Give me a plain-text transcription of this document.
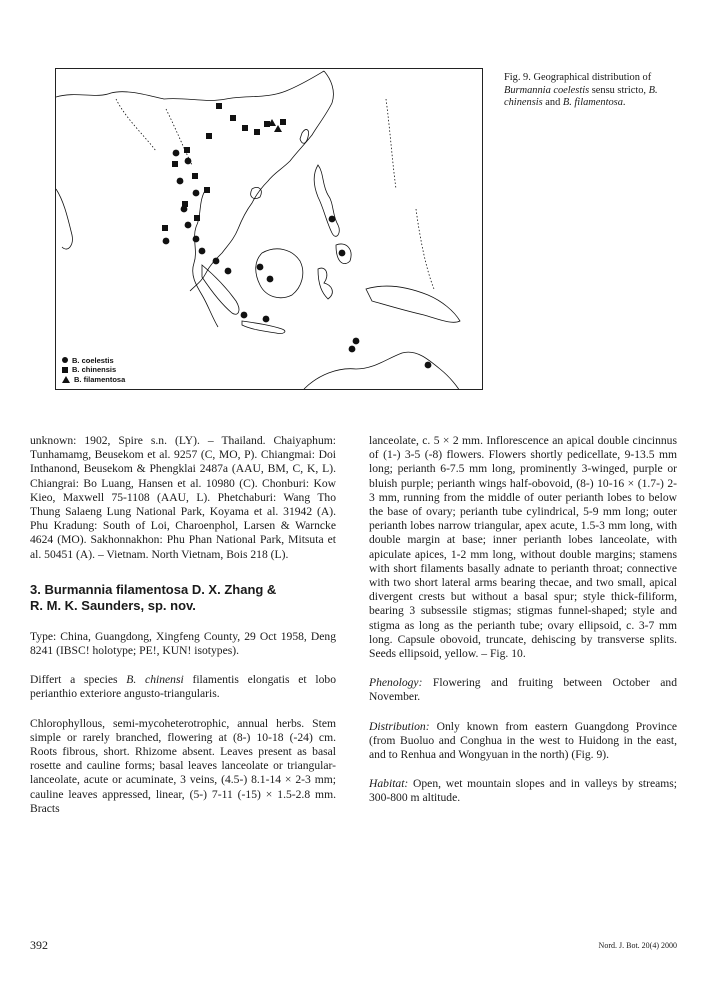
B. coelestis
B. chinensis
B. filamentosa
Fig. 9. Geographical distribution of Burmannia coelestis sensu stricto, B. chinensis and B. filamentosa.

unknown: 1902, Spire s.n. (LY). – Thailand. Chaiyaphum: Tunhamamg, Beusekom et al. 9257 (C, MO, P). Chiangmai: Doi Inthanond, Beusekom & Phengklai 2487a (AAU, BM, C, K, L). Chiangrai: Bo Luang, Hansen et al. 10980 (C). Chonburi: Kow Kieo, Maxwell 75-1108 (AAU, L). Phetchaburi: Wang Tho Thung Salaeng Lung National Park, Koyama et al. 31942 (A). Phu Kradung: South of Loi, Charoenphol, Larsen & Warncke 4624 (MO). Sakhonnakhon: Phu Phan National Park, Mitsuta et al. 50451 (A). – Vietnam. North Vietnam, Bois 218 (L).

3. Burmannia filamentosa D. X. Zhang &
R. M. K. Saunders, sp. nov.

Type: China, Guangdong, Xingfeng County, 29 Oct 1958, Deng 8241 (IBSC! holotype; PE!, KUN! isotypes).

Differt a species B. chinensi filamentis elongatis et lobo perianthio exteriore angusto-triangularis.

Chlorophyllous, semi-mycoheterotrophic, annual herbs. Stem simple or rarely branched, flowering at (8-) 10-18 (-24) cm. Roots fibrous, short. Rhizome absent. Leaves present as basal rosette and cauline forms; basal leaves lanceolate or triangular-lanceolate, acute or acuminate, 3 veins, (4.5-) 8.1-14 × 2-3 mm; cauline leaves appressed, linear, (5-) 7-11 (-15) × 1.5-2.8 mm. Bracts

lanceolate, c. 5 × 2 mm. Inflorescence an apical double cincinnus of (1-) 3-5 (-8) flowers. Flowers shortly pedicellate, 9-13.5 mm long; perianth 6-7.5 mm long, prominently 3-winged, purple or bluish purple; perianth wings half-obovoid, (8-) 10-16 × (1.7-) 2-3 mm, running from the middle of outer perianth lobes to below the base of ovary; perianth tube cylindrical, 5-9 mm long; outer perianth lobes narrow triangular, apex acute, 1.5-3 mm long, with double margin at base; inner perianth lobes lanceolate, with apiculate apices, 1-2 mm long, without double margins; stamens with short filaments basally adnate to perianth throat; connective with two short lateral arms bearing thecae, and two small, apical divergent crests but without a basal spur; style thick-filiform, bearing 3 subsessile stigmas; stigmas funnel-shaped; style and stigma as long as the perianth tube; ovary ellipsoid, c. 3-7 mm long. Capsule obovoid, truncate, dehiscing by transverse splits. Seeds ellipsoid, yellow. – Fig. 10.

Phenology: Flowering and fruiting between October and November.

Distribution: Only known from eastern Guangdong Province (from Buoluo and Conghua in the west to Huidong in the east, and to Renhua and Wongyuan in the north) (Fig. 9).

Habitat: Open, wet mountain slopes and in valleys by streams; 300-800 m altitude.

392	Nord. J. Bot. 20(4) 2000
